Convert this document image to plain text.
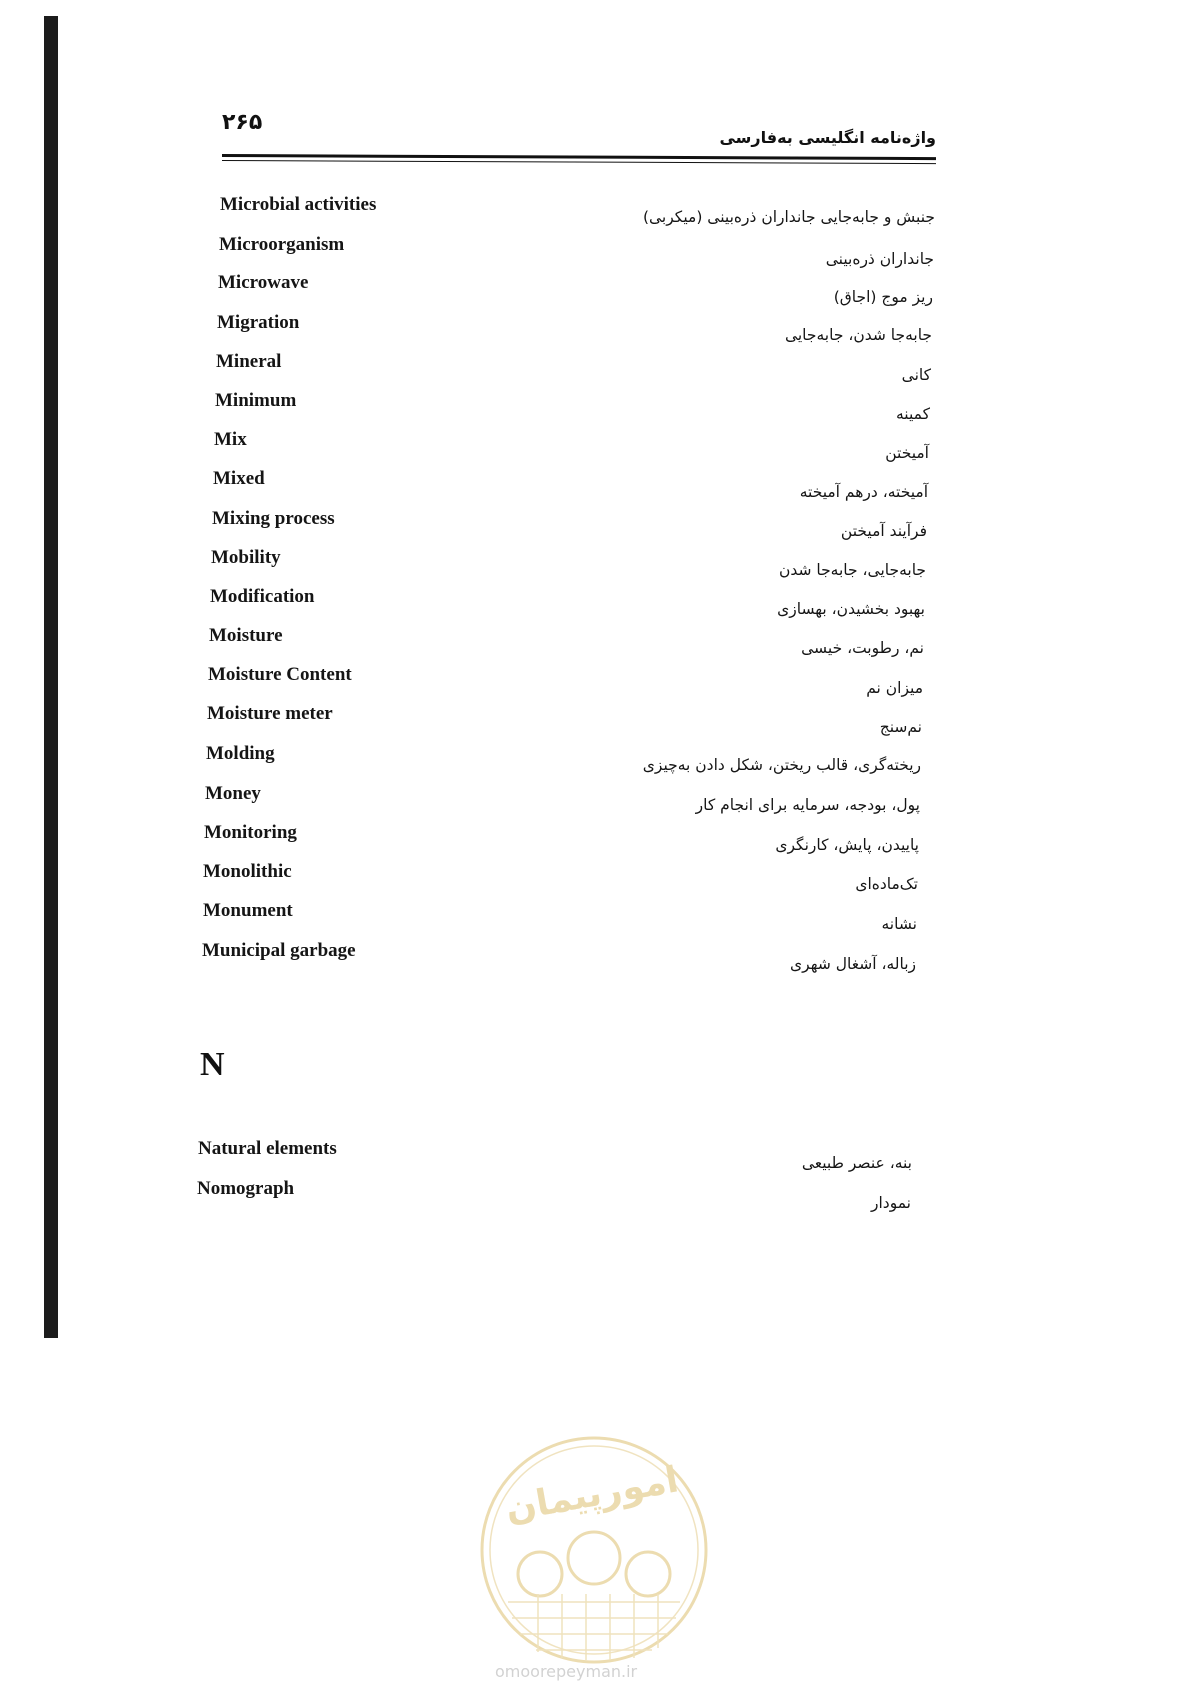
۲۶۵
واژه‌نامه انگلیسی به‌فارسی
Microbial activities
جنبش و جابه‌جایی جانداران ذره‌بینی (میکربی)
Microorganism
جانداران ذره‌بینی
Microwave
ریز موج (اجاق)
Migration
جابه‌جا شدن، جابه‌جایی
Mineral
کانی
Minimum
کمینه
Mix
آمیختن
Mixed
آمیخته، درهم آمیخته
Mixing process
فرآیند آمیختن
Mobility
جابه‌جایی، جابه‌جا شدن
Modification
بهبود بخشیدن، بهسازی
Moisture
نم، رطوبت، خیسی
Moisture Content
میزان نم
Moisture meter
نم‌سنج
Molding
ریخته‌گری، قالب ریختن، شکل دادن به‌چیزی
Money
پول، بودجه، سرمایه برای انجام کار
Monitoring
پاییدن، پایش، کارنگری
Monolithic
تک‌ماده‌ای
Monument
نشانه
Municipal garbage
زباله، آشغال شهری
N
Natural elements
بنه، عنصر طبیعی
Nomograph
نمودار
امورپیمان
omoorepeyman.ir
